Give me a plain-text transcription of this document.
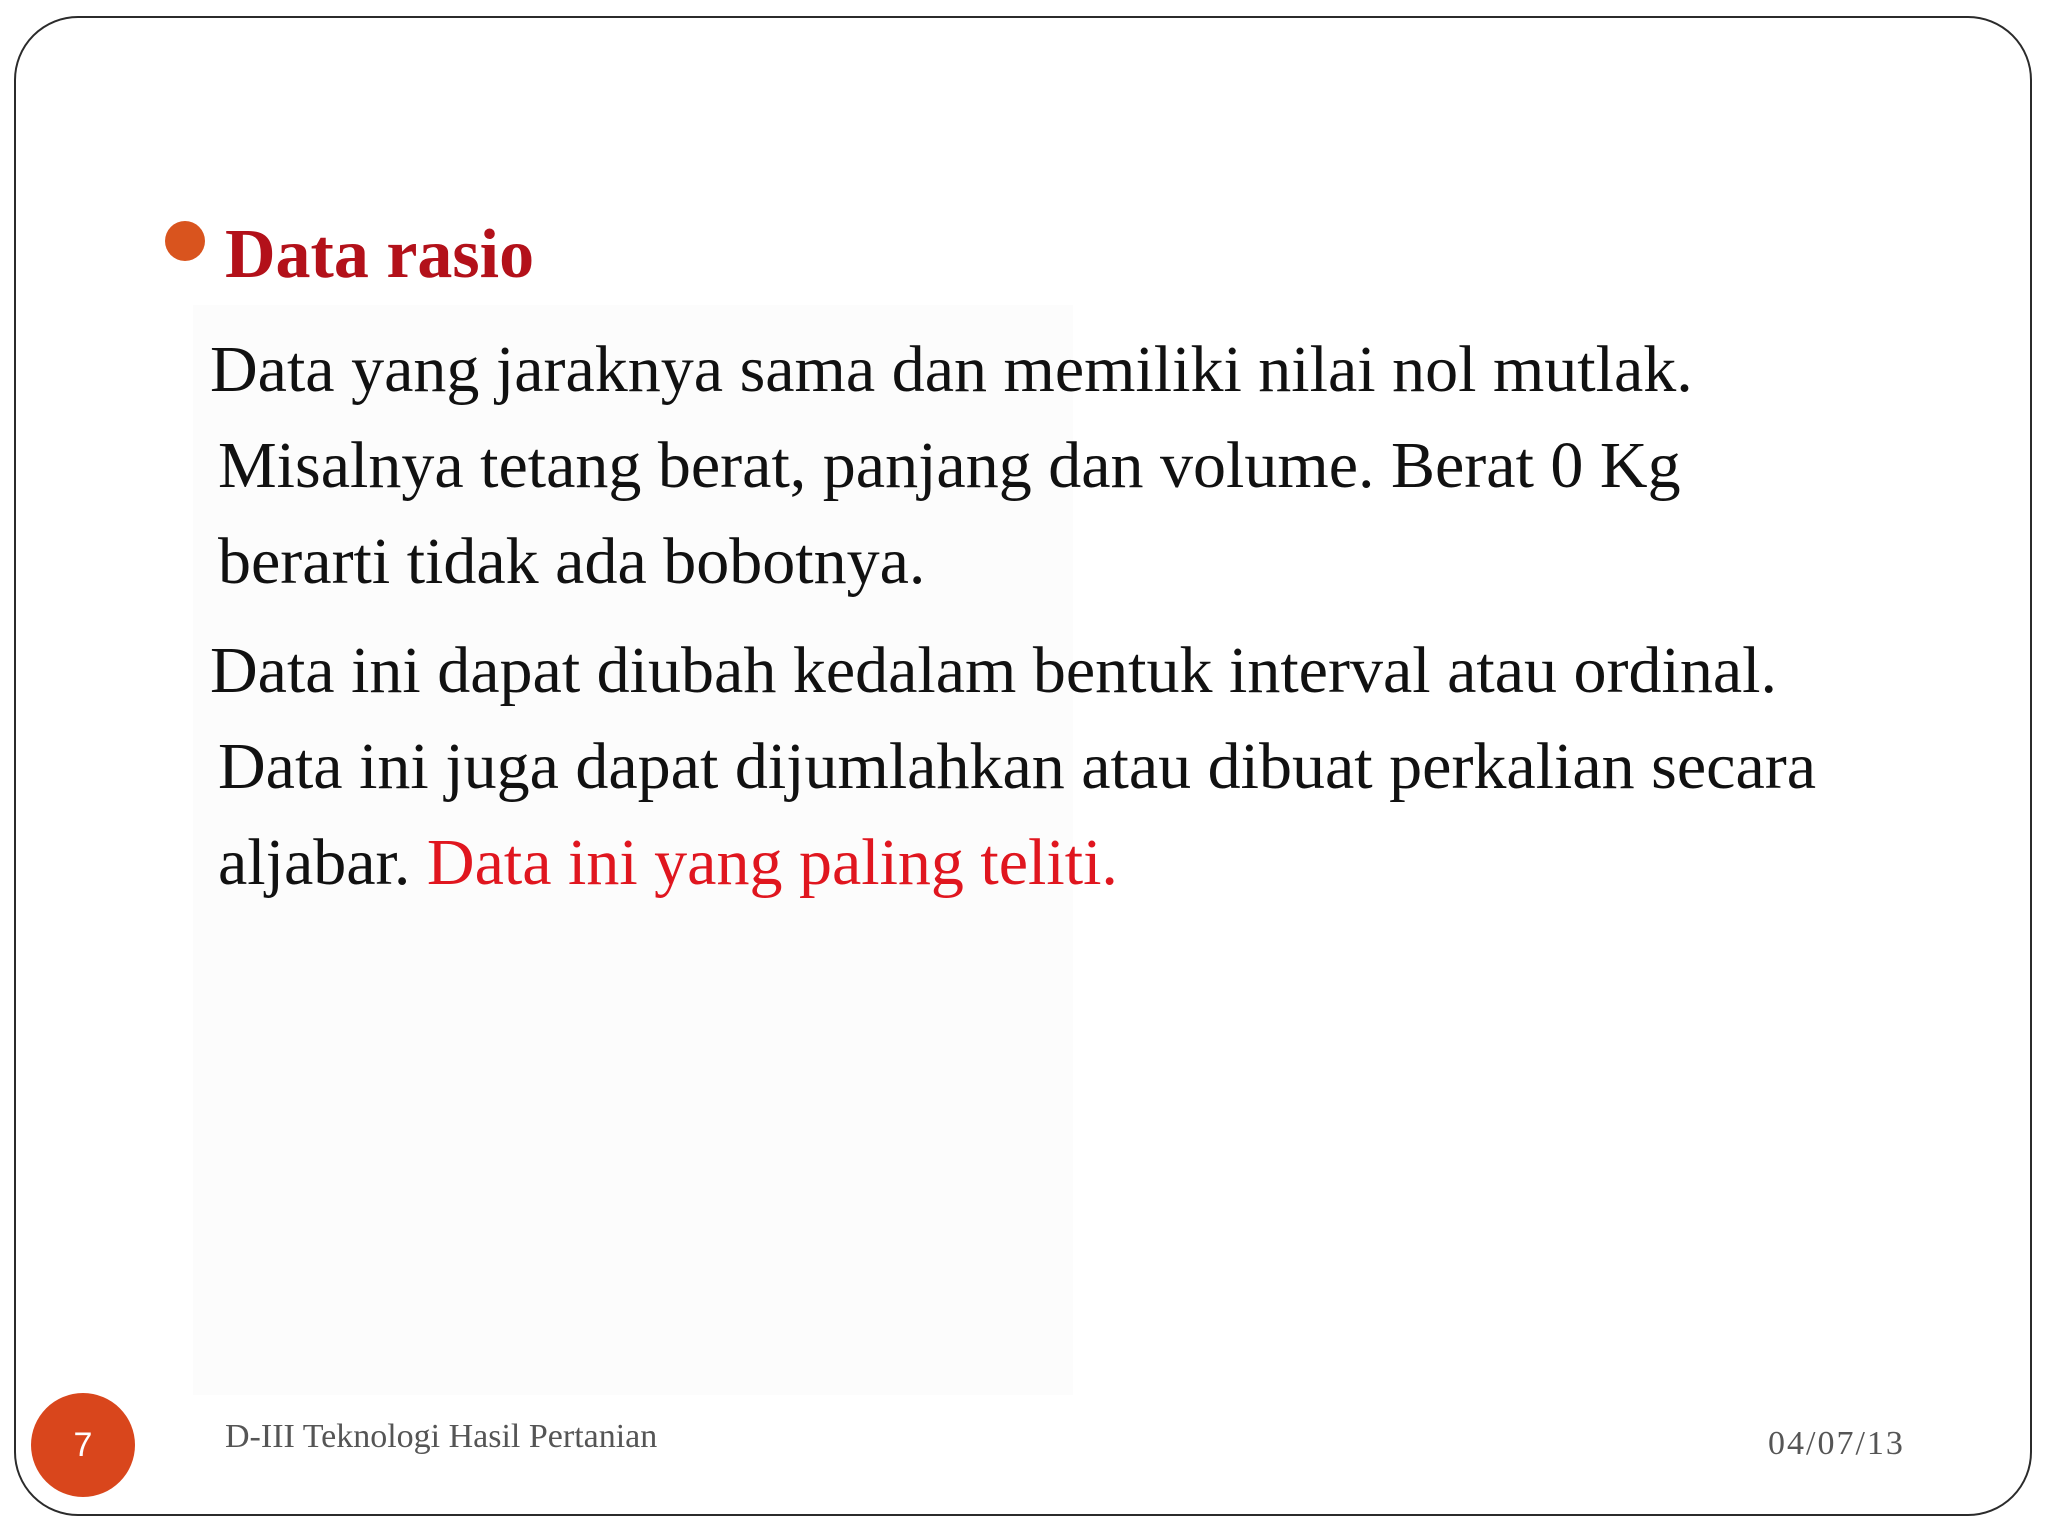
Data rasio

Data yang jaraknya sama dan memiliki nilai nol mutlak.
Misalnya tetang berat, panjang dan volume. Berat 0 Kg
berarti tidak ada bobotnya.

Data ini dapat diubah kedalam bentuk interval atau ordinal.
Data ini juga dapat dijumlahkan atau dibuat perkalian secara
aljabar. Data ini yang paling teliti.

7	D-III Teknologi Hasil Pertanian	04/07/13
